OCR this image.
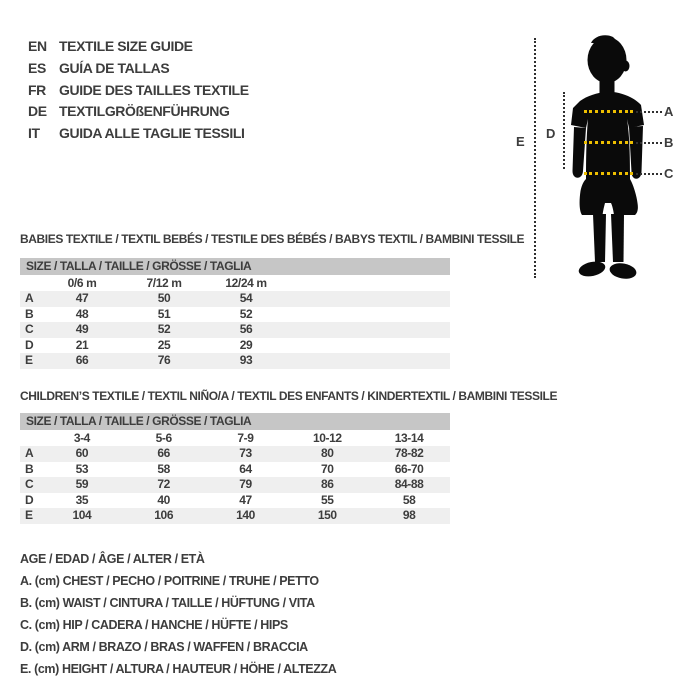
EN TEXTILE SIZE GUIDE
ES GUÍA DE TALLAS
FR GUIDE DES TAILLES TEXTILE
DE TEXTILGRÖßENFÜHRUNG
IT	GUIDA ALLE TAGLIE TESSILI
E
D
A
B
C
BABIES TEXTILE / TEXTIL BEBÉS / TESTILE DES BÉBÉS / BABYS TEXTIL / BAMBINI TESSILE
SIZE / TALLA / TAILLE / GRÖSSE / TAGLIA
	0/6 m	7/12 m	12/24 m	
A	47	50	54	
B	48	51	52	
C	49	52	56	
D	21	25	29	
E	66	76	93	
CHILDREN’S TEXTILE / TEXTIL NIÑO/A / TEXTIL DES ENFANTS / KINDERTEXTIL / BAMBINI TESSILE
SIZE / TALLA / TAILLE / GRÖSSE / TAGLIA
	3-4	5-6	7-9	10-12	13-14
A	60	66	73	80	78-82
B	53	58	64	70	66-70
C	59	72	79	86	84-88
D	35	40	47	55	58
E	104	106	140	150	98
AGE / EDAD / ÂGE / ALTER / ETÀ
A. (cm) CHEST / PECHO / POITRINE / TRUHE / PETTO
B. (cm) WAIST / CINTURA / TAILLE / HÜFTUNG / VITA
C. (cm) HIP / CADERA / HANCHE / HÜFTE / HIPS
D. (cm) ARM / BRAZO / BRAS / WAFFEN / BRACCIA
E. (cm) HEIGHT / ALTURA / HAUTEUR / HÖHE / ALTEZZA
